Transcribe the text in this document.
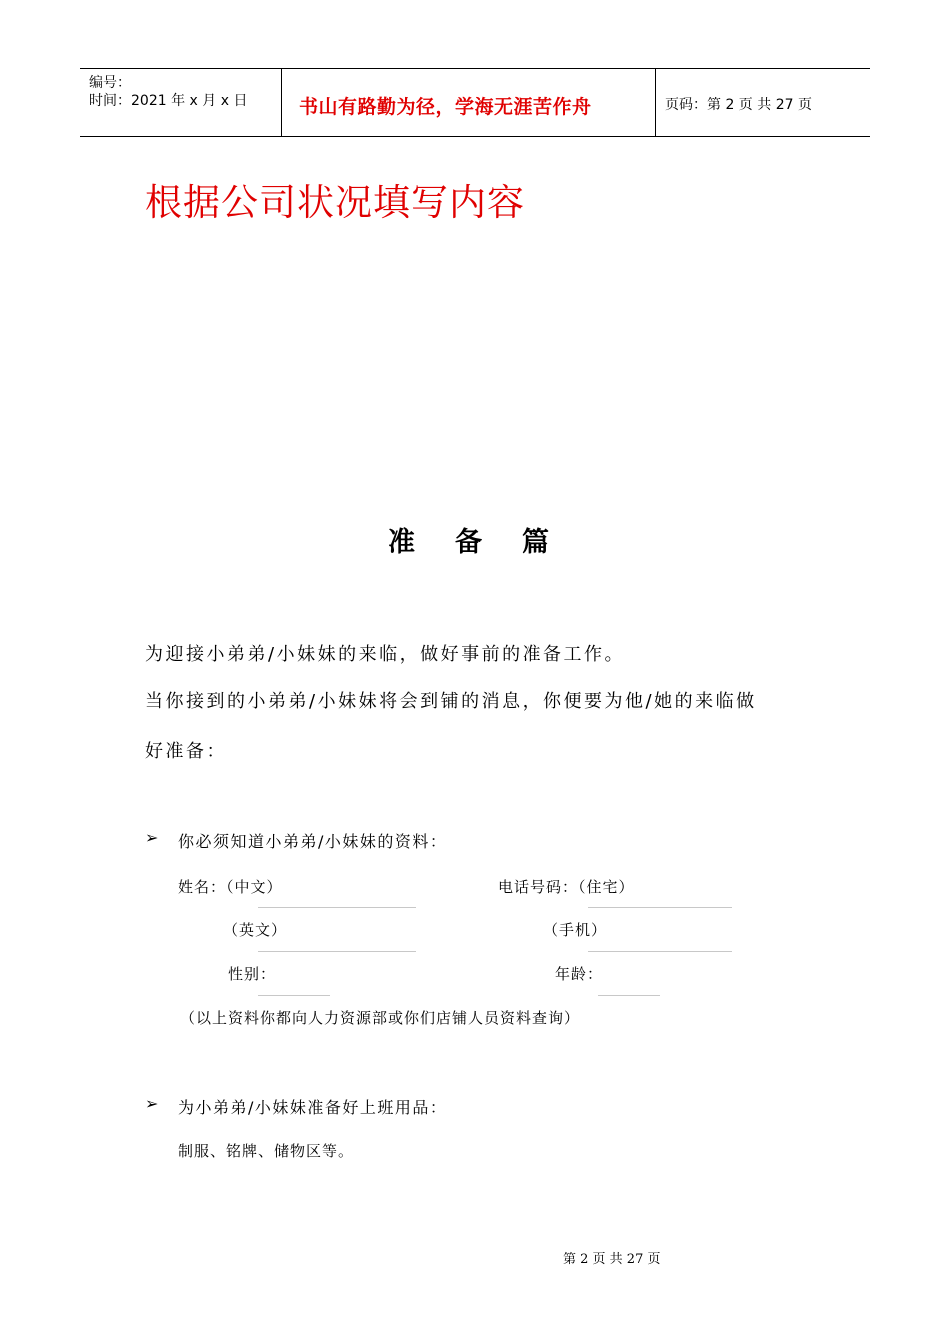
编号：
时间：2021 年 x 月 x 日	书山有路勤为径，学海无涯苦作舟	页码：第 2 页 共 27 页
根据公司状况填写内容
准备篇
为迎接小弟弟/小妹妹的来临，做好事前的准备工作。
当你接到的小弟弟/小妹妹将会到铺的消息，你便要为他/她的来临做
好准备：
➢ 你必须知道小弟弟/小妹妹的资料：
姓名：（中文）	电话号码：（住宅）
（英文）	（手机）
性别：	年龄：
（以上资料你都向人力资源部或你们店铺人员资料查询）
➢ 为小弟弟/小妹妹准备好上班用品：
制服、铭牌、储物区等。
第 2 页 共 27 页
